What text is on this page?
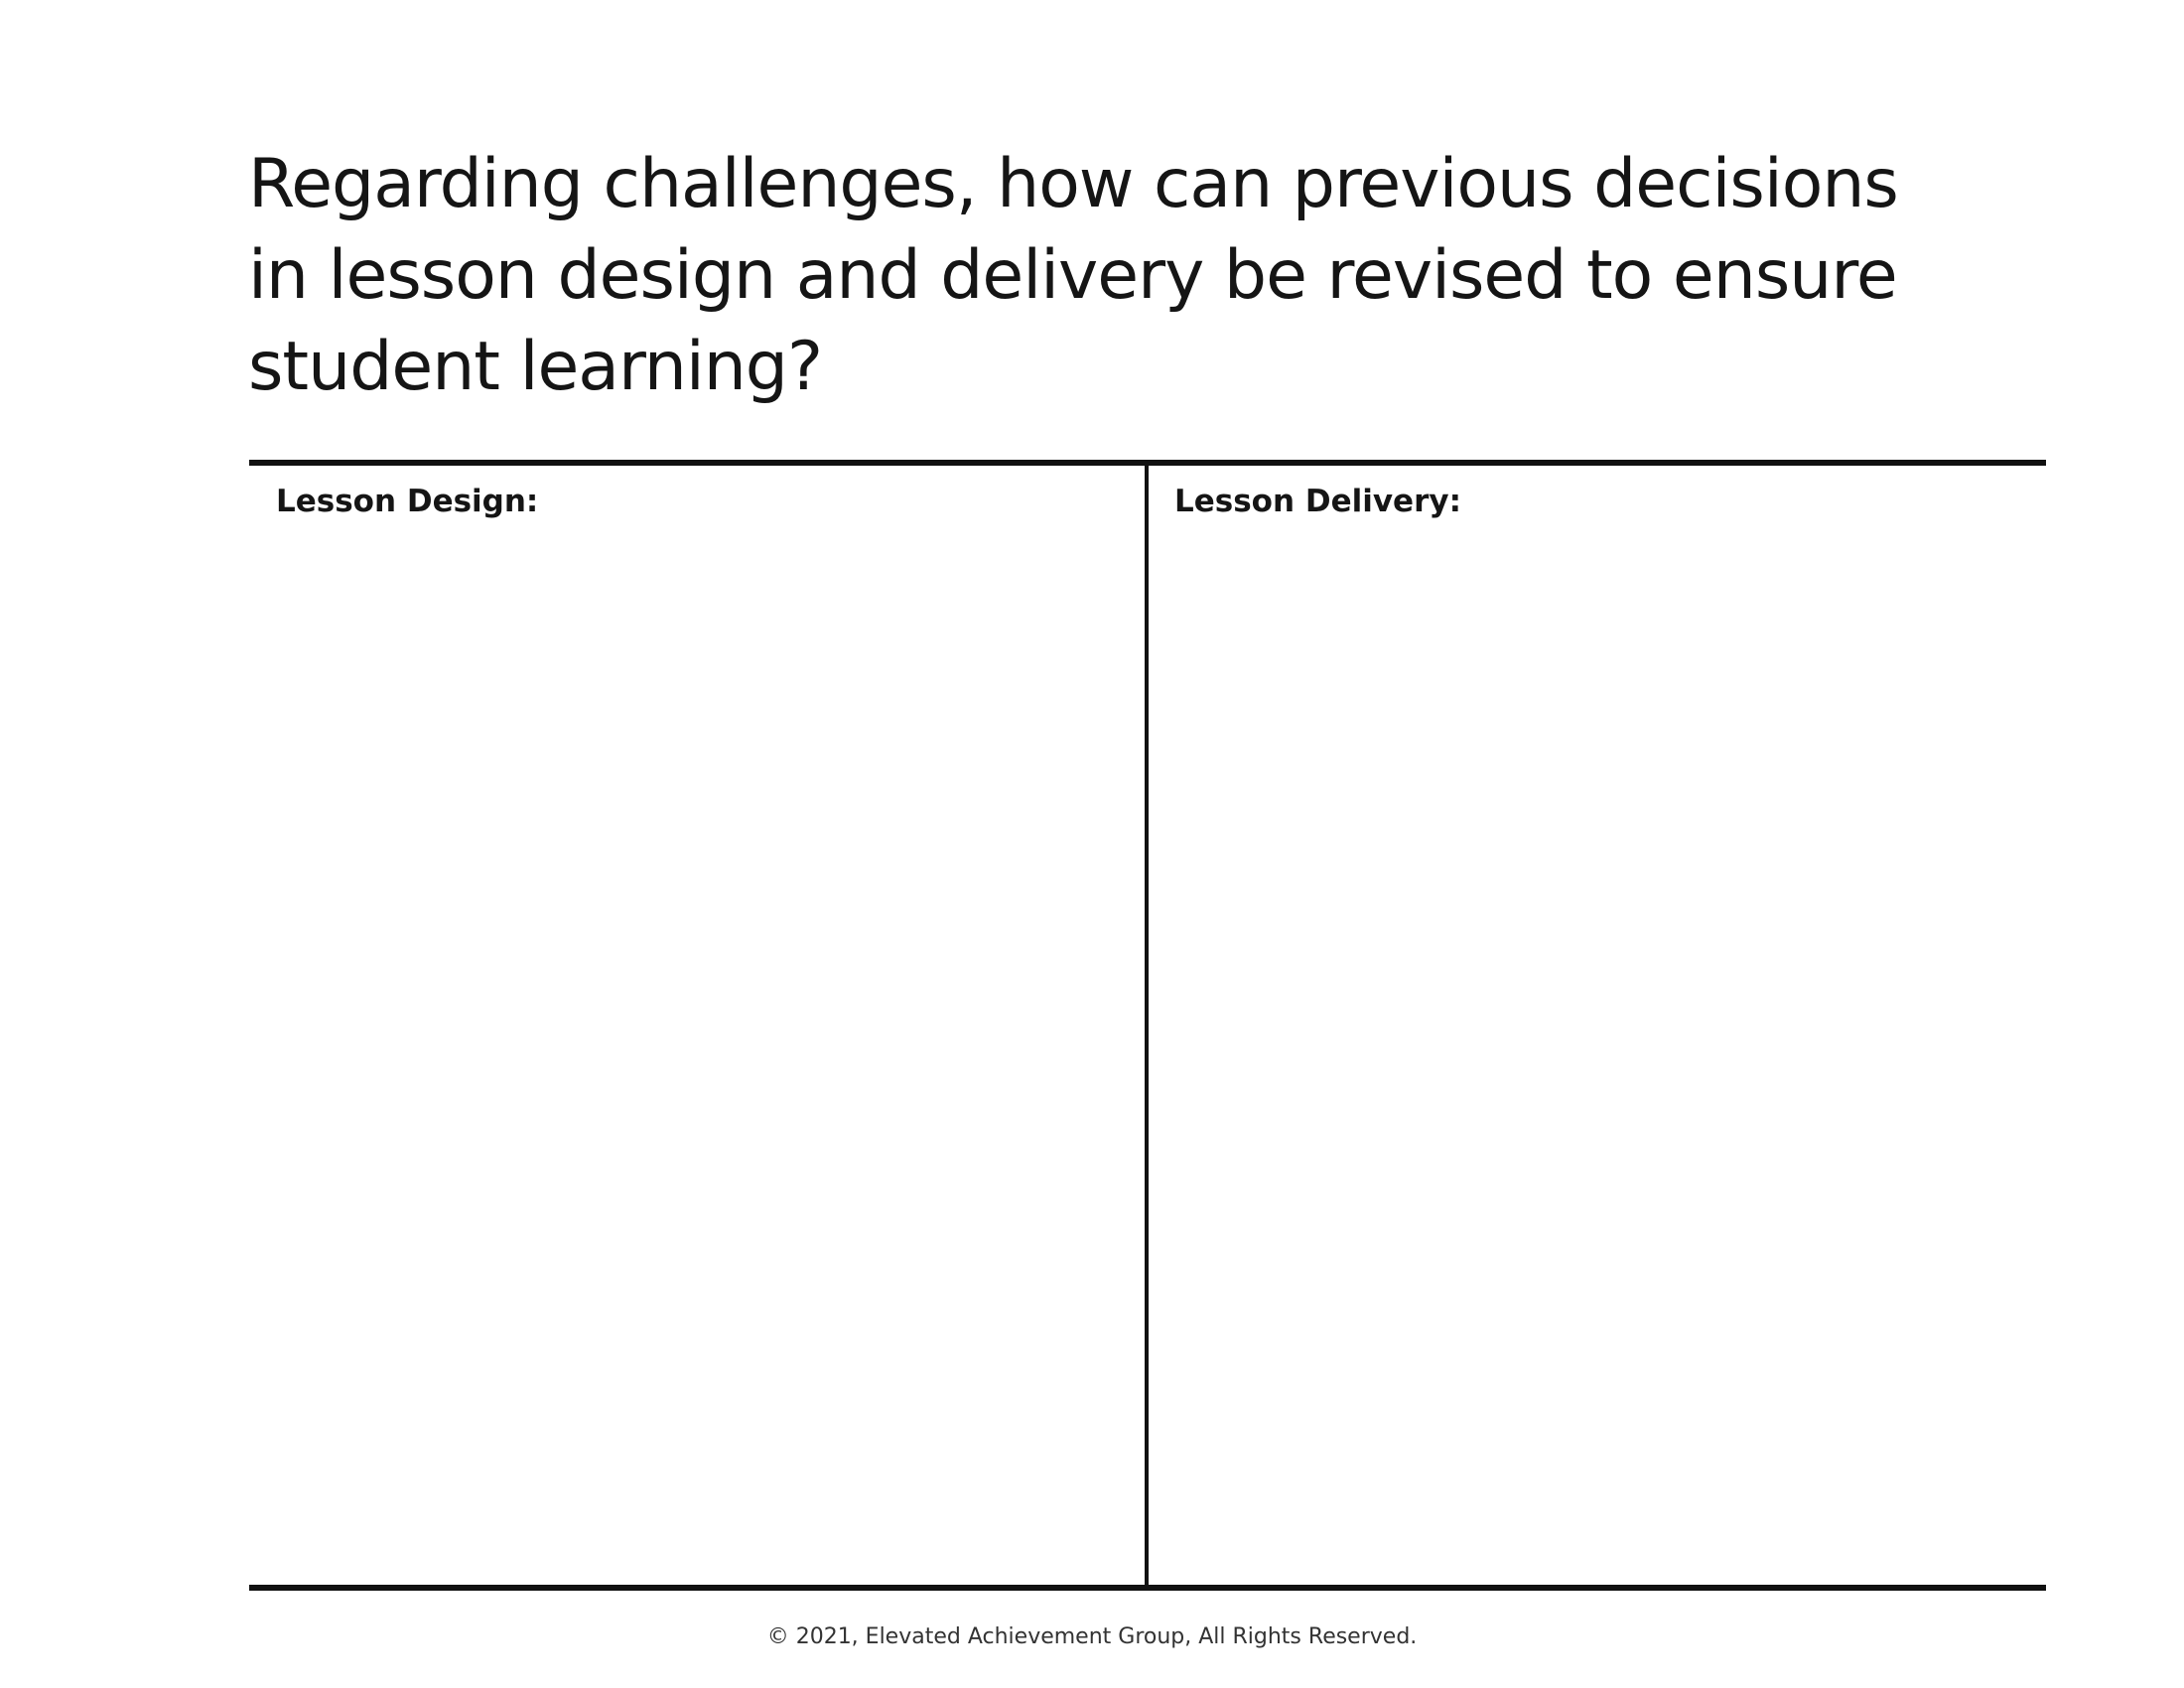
Regarding challenges, how can previous decisions
in lesson design and delivery be revised to ensure
student learning?
Lesson Design:	Lesson Delivery:

© 2021, Elevated Achievement Group, All Rights Reserved.
